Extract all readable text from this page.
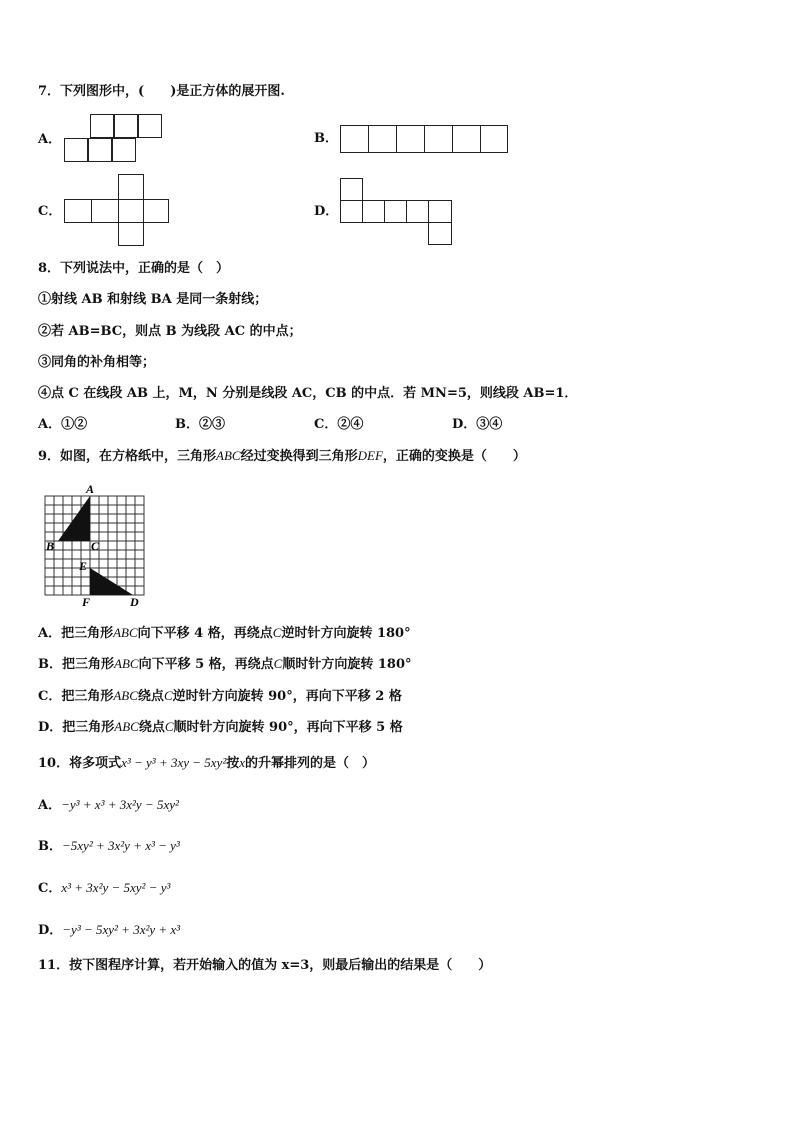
7．下列图形中，(　　)是正方体的展开图.
A．	B．
C．	D．
8．下列说法中，正确的是（　）
①射线 AB 和射线 BA 是同一条射线；
②若 AB=BC，则点 B 为线段 AC 的中点；
③同角的补角相等；
④点 C 在线段 AB 上，M，N 分别是线段 AC，CB 的中点．若 MN=5，则线段 AB=1．
A．①②	B．②③	C．②④	D．③④
9．如图，在方格纸中，三角形ABC经过变换得到三角形DEF，正确的变换是（　　）
A
B	C
E
F	D
A．把三角形ABC向下平移 4 格，再绕点C逆时针方向旋转 180°
B．把三角形ABC向下平移 5 格，再绕点C顺时针方向旋转 180°
C．把三角形ABC绕点C逆时针方向旋转 90°，再向下平移 2 格
D．把三角形ABC绕点C顺时针方向旋转 90°，再向下平移 5 格
10．将多项式x³ − y³ + 3xy − 5xy²按x的升幂排列的是（　）
A．−y³ + x³ + 3x²y − 5xy²
B．−5xy² + 3x²y + x³ − y³
C．x³ + 3x²y − 5xy² − y³
D．−y³ − 5xy² + 3x²y + x³
11．按下图程序计算，若开始输入的值为 x=3，则最后输出的结果是（　　）
